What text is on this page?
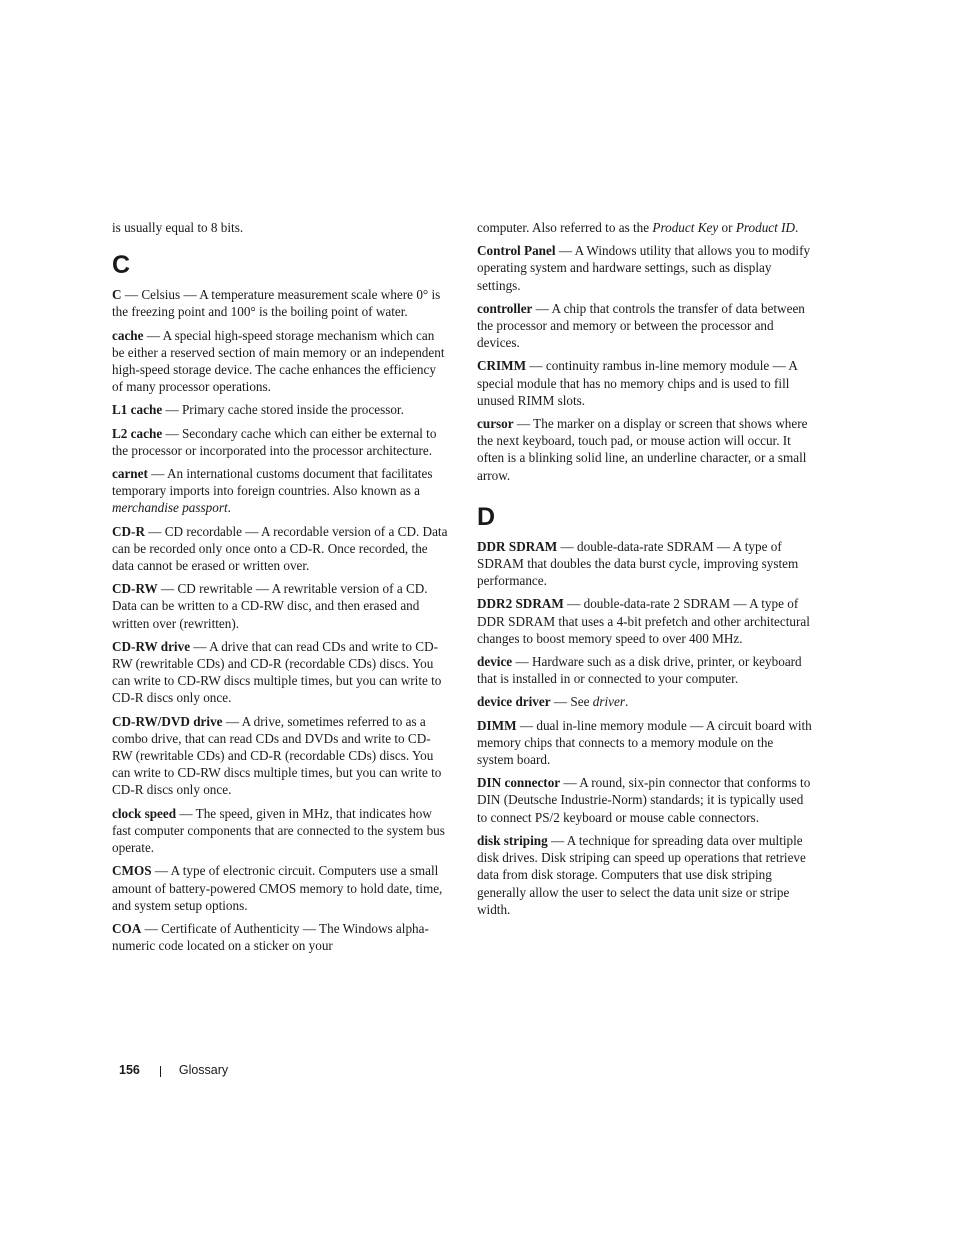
is usually equal to 8 bits.

C

C — Celsius — A temperature measurement scale where 0° is the freezing point and 100° is the boiling point of water.

cache — A special high-speed storage mechanism which can be either a reserved section of main memory or an independent high-speed storage device. The cache enhances the efficiency of many processor operations.

L1 cache — Primary cache stored inside the processor.

L2 cache — Secondary cache which can either be external to the processor or incorporated into the processor architecture.

carnet — An international customs document that facilitates temporary imports into foreign countries. Also known as a merchandise passport.

CD-R — CD recordable — A recordable version of a CD. Data can be recorded only once onto a CD-R. Once recorded, the data cannot be erased or written over.

CD-RW — CD rewritable — A rewritable version of a CD. Data can be written to a CD-RW disc, and then erased and written over (rewritten).

CD-RW drive — A drive that can read CDs and write to CD-RW (rewritable CDs) and CD-R (recordable CDs) discs. You can write to CD-RW discs multiple times, but you can write to CD-R discs only once.

CD-RW/DVD drive — A drive, sometimes referred to as a combo drive, that can read CDs and DVDs and write to CD-RW (rewritable CDs) and CD-R (recordable CDs) discs. You can write to CD-RW discs multiple times, but you can write to CD-R discs only once.

clock speed — The speed, given in MHz, that indicates how fast computer components that are connected to the system bus operate.

CMOS — A type of electronic circuit. Computers use a small amount of battery-powered CMOS memory to hold date, time, and system setup options.

COA — Certificate of Authenticity — The Windows alpha-numeric code located on a sticker on your

computer. Also referred to as the Product Key or Product ID.

Control Panel — A Windows utility that allows you to modify operating system and hardware settings, such as display settings.

controller — A chip that controls the transfer of data between the processor and memory or between the processor and devices.

CRIMM — continuity rambus in-line memory module — A special module that has no memory chips and is used to fill unused RIMM slots.

cursor — The marker on a display or screen that shows where the next keyboard, touch pad, or mouse action will occur. It often is a blinking solid line, an underline character, or a small arrow.

D

DDR SDRAM — double-data-rate SDRAM — A type of SDRAM that doubles the data burst cycle, improving system performance.

DDR2 SDRAM — double-data-rate 2 SDRAM — A type of DDR SDRAM that uses a 4-bit prefetch and other architectural changes to boost memory speed to over 400 MHz.

device — Hardware such as a disk drive, printer, or keyboard that is installed in or connected to your computer.

device driver — See driver.

DIMM — dual in-line memory module — A circuit board with memory chips that connects to a memory module on the system board.

DIN connector — A round, six-pin connector that conforms to DIN (Deutsche Industrie-Norm) standards; it is typically used to connect PS/2 keyboard or mouse cable connectors.

disk striping — A technique for spreading data over multiple disk drives. Disk striping can speed up operations that retrieve data from disk storage. Computers that use disk striping generally allow the user to select the data unit size or stripe width.

156	Glossary
